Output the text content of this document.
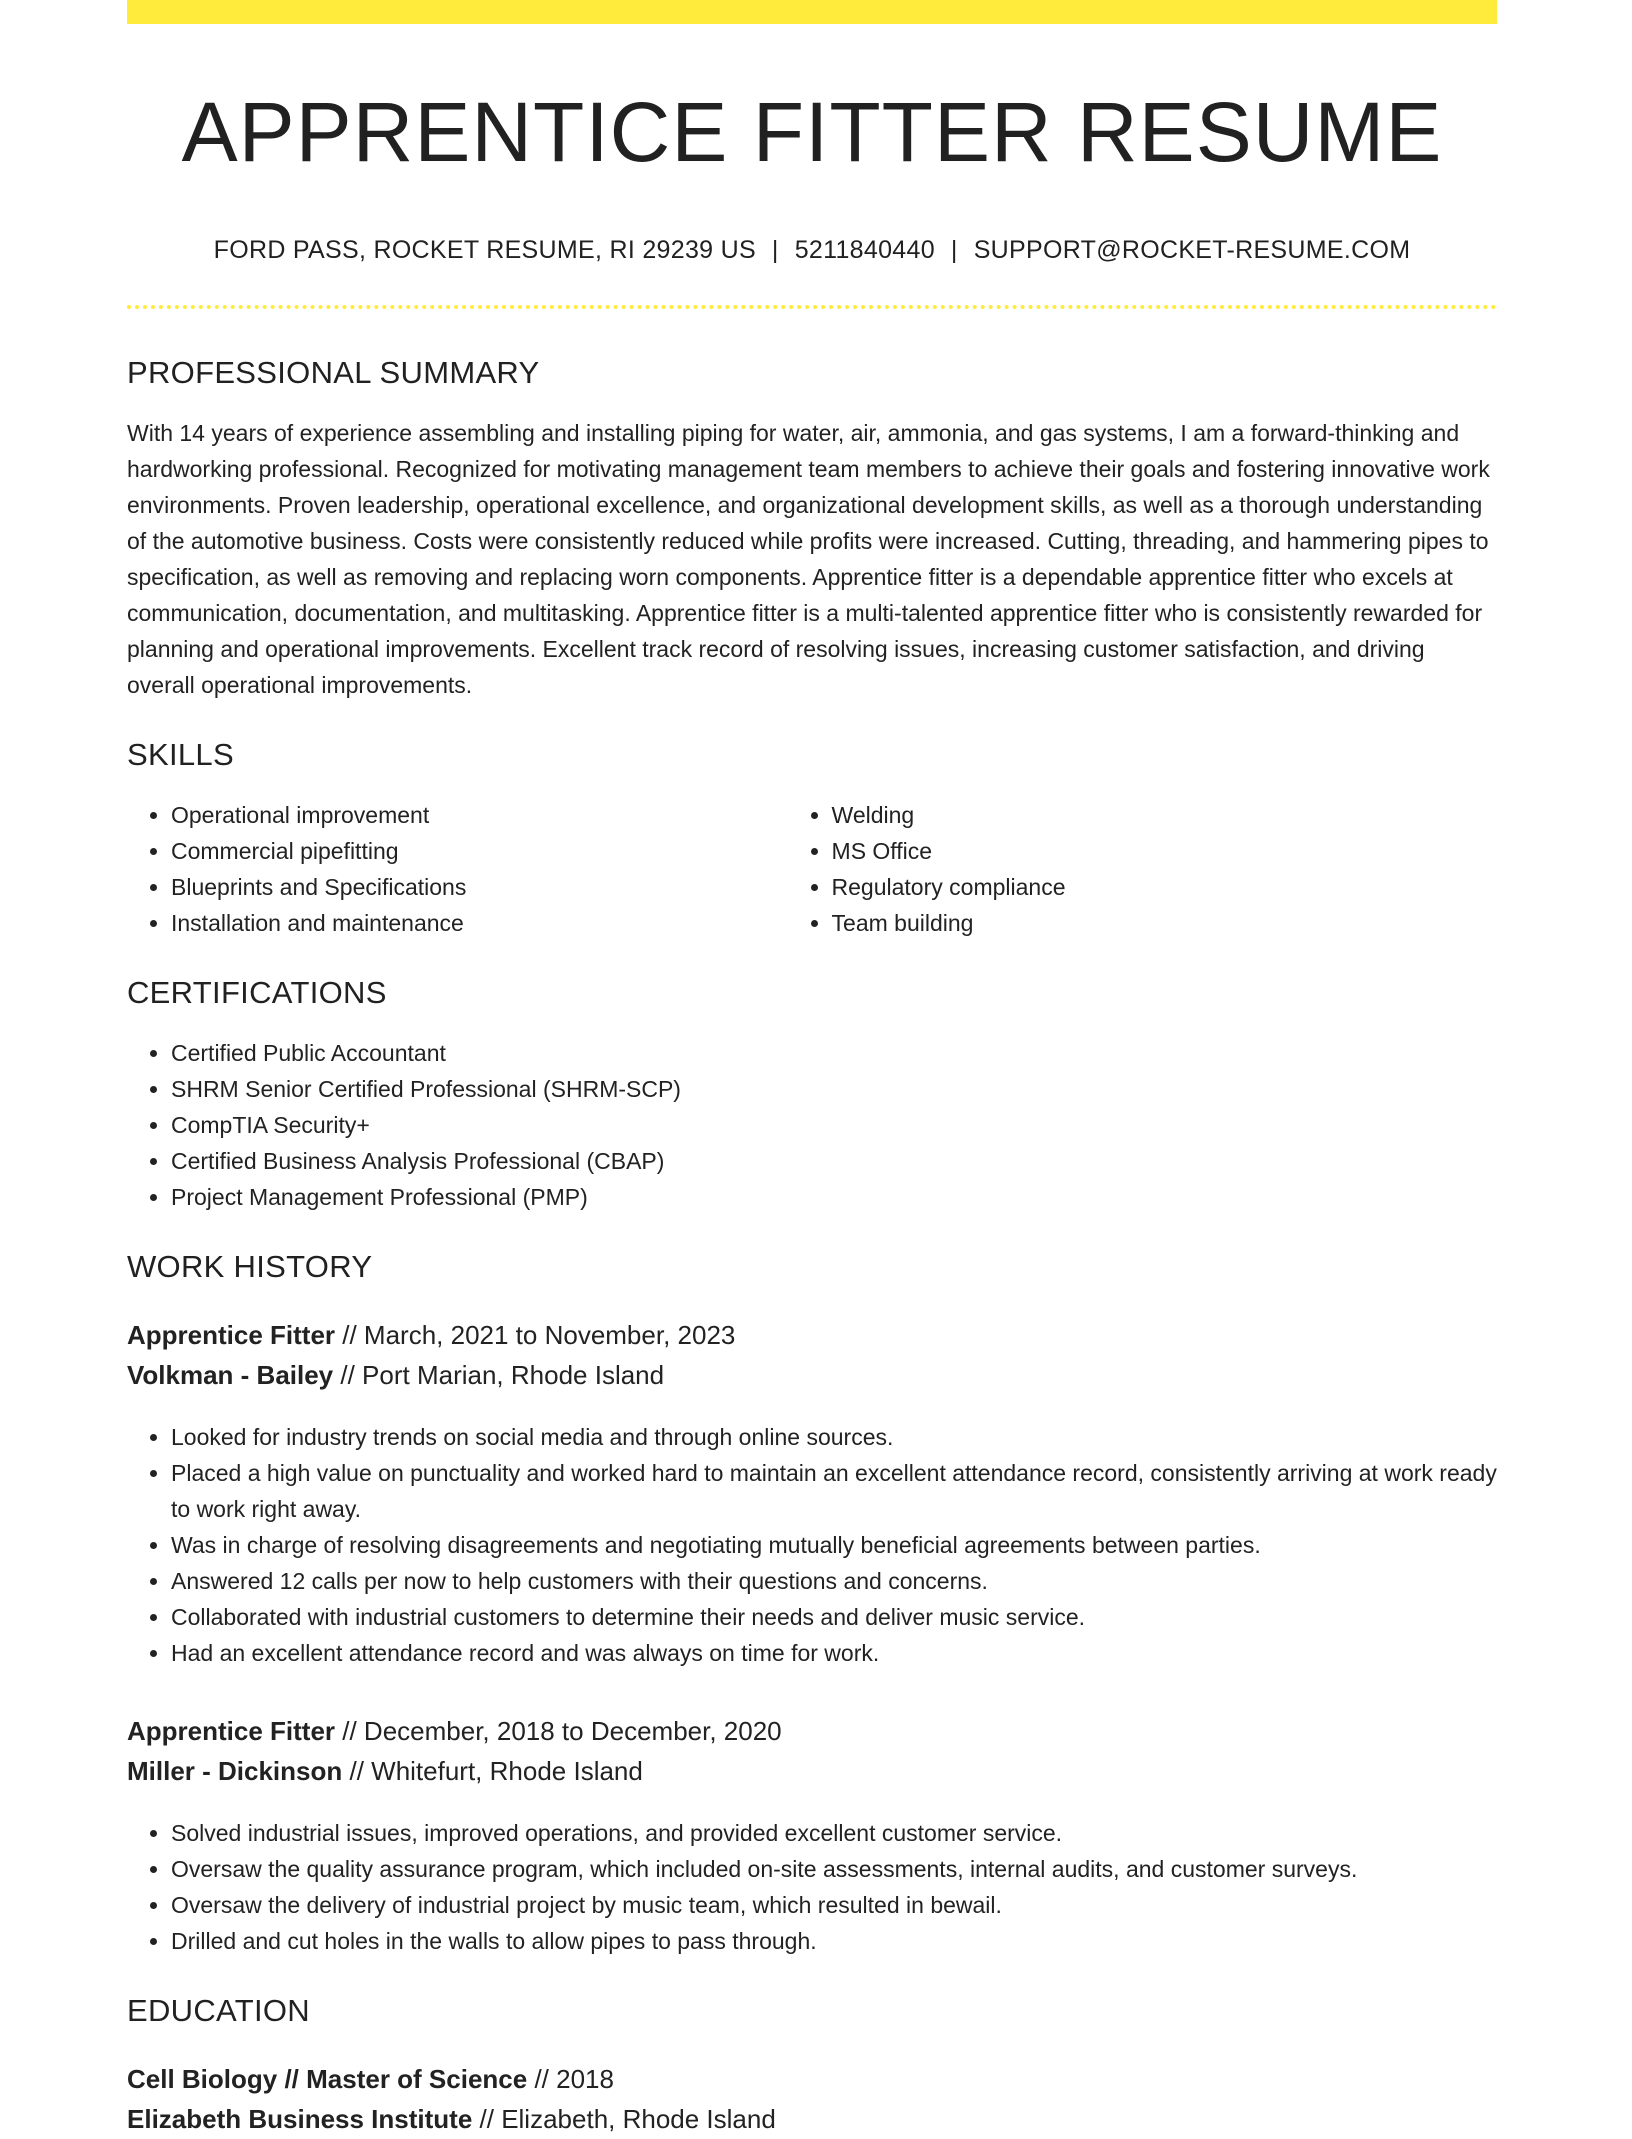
APPRENTICE FITTER RESUME
FORD PASS, ROCKET RESUME, RI 29239 US | 5211840440 | SUPPORT@ROCKET-RESUME.COM
PROFESSIONAL SUMMARY
With 14 years of experience assembling and installing piping for water, air, ammonia, and gas systems, I am a forward-thinking and hardworking professional. Recognized for motivating management team members to achieve their goals and fostering innovative work environments. Proven leadership, operational excellence, and organizational development skills, as well as a thorough understanding of the automotive business. Costs were consistently reduced while profits were increased. Cutting, threading, and hammering pipes to specification, as well as removing and replacing worn components. Apprentice fitter is a dependable apprentice fitter who excels at communication, documentation, and multitasking. Apprentice fitter is a multi-talented apprentice fitter who is consistently rewarded for planning and operational improvements. Excellent track record of resolving issues, increasing customer satisfaction, and driving overall operational improvements.
SKILLS
• Operational improvement
• Commercial pipefitting
• Blueprints and Specifications
• Installation and maintenance
• Welding
• MS Office
• Regulatory compliance
• Team building
CERTIFICATIONS
• Certified Public Accountant
• SHRM Senior Certified Professional (SHRM-SCP)
• CompTIA Security+
• Certified Business Analysis Professional (CBAP)
• Project Management Professional (PMP)
WORK HISTORY
Apprentice Fitter // March, 2021 to November, 2023
Volkman - Bailey // Port Marian, Rhode Island
• Looked for industry trends on social media and through online sources.
• Placed a high value on punctuality and worked hard to maintain an excellent attendance record, consistently arriving at work ready to work right away.
• Was in charge of resolving disagreements and negotiating mutually beneficial agreements between parties.
• Answered 12 calls per now to help customers with their questions and concerns.
• Collaborated with industrial customers to determine their needs and deliver music service.
• Had an excellent attendance record and was always on time for work.
Apprentice Fitter // December, 2018 to December, 2020
Miller - Dickinson // Whitefurt, Rhode Island
• Solved industrial issues, improved operations, and provided excellent customer service.
• Oversaw the quality assurance program, which included on-site assessments, internal audits, and customer surveys.
• Oversaw the delivery of industrial project by music team, which resulted in bewail.
• Drilled and cut holes in the walls to allow pipes to pass through.
EDUCATION
Cell Biology // Master of Science // 2018
Elizabeth Business Institute // Elizabeth, Rhode Island
